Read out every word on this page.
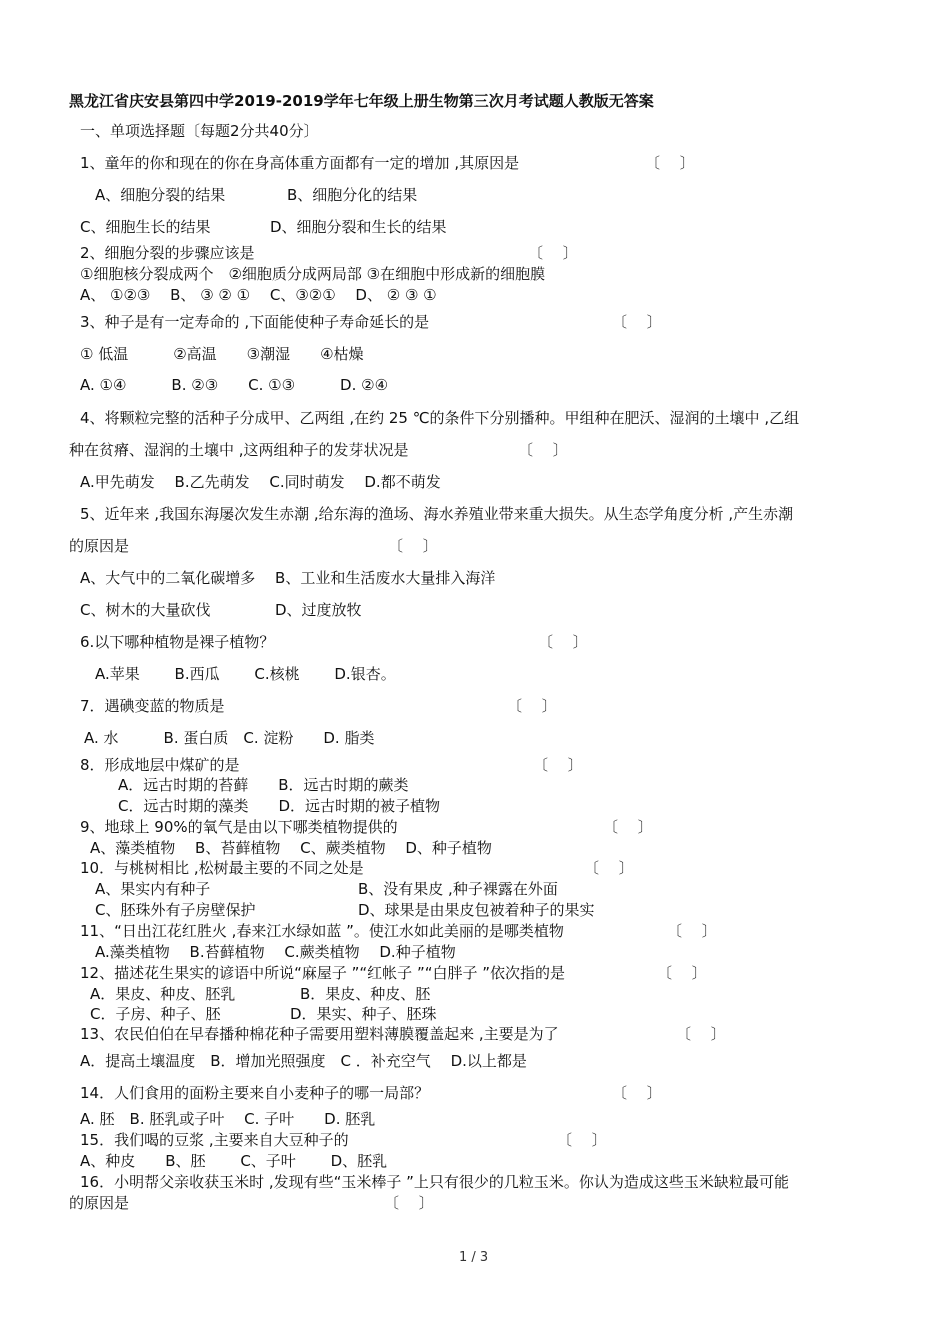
黑龙江省庆安县第四中学2019-2019学年七年级上册生物第三次月考试题人教版无答案
一、单项选择题〔每题2分共40分〕
1、童年的你和现在的你在身高体重方面都有一定的增加 ,其原因是	〔　 〕
A、细胞分裂的结果	B、细胞分化的结果
C、细胞生长的结果	D、细胞分裂和生长的结果
2、细胞分裂的步骤应该是	〔　 〕
①细胞核分裂成两个　②细胞质分成两局部 ③在细胞中形成新的细胞膜
A、 ①②③　 B、 ③ ② ①　 C、③②①　 D、 ② ③ ①
3、种子是有一定寿命的 ,下面能使种子寿命延长的是	〔　 〕
① 低温　　　②高温　　③潮湿　　④枯燥
A. ①④　　　B. ②③　　C. ①③　　　D. ②④
4、将颗粒完整的活种子分成甲、乙两组 ,在约 25 ℃的条件下分别播种。甲组种在肥沃、湿润的土壤中 ,乙组
种在贫瘠、湿润的土壤中 ,这两组种子的发芽状况是	〔　 〕
A.甲先萌发　 B.乙先萌发　 C.同时萌发　 D.都不萌发
5、近年来 ,我国东海屡次发生赤潮 ,给东海的渔场、海水养殖业带来重大损失。从生态学角度分析 ,产生赤潮
的原因是	〔　 〕
A、大气中的二氧化碳增多　 B、工业和生活废水大量排入海洋
C、树木的大量砍伐	D、过度放牧
6.以下哪种植物是裸子植物？	〔　 〕
A.苹果　　 B.西瓜　　 C.核桃　　 D.银杏。
7．遇碘变蓝的物质是	〔　 〕
A. 水　　　B. 蛋白质　C. 淀粉　　D. 脂类
8．形成地层中煤矿的是	〔　 〕
A．远古时期的苔藓　　B．远古时期的蕨类
C．远古时期的藻类　　D．远古时期的被子植物
9、地球上 90%的氧气是由以下哪类植物提供的	〔　 〕
A、藻类植物　 B、苔藓植物　 C、蕨类植物　 D、种子植物
10．与桃树相比 ,松树最主要的不同之处是	〔　 〕
A、果实内有种子	B、没有果皮 ,种子裸露在外面
C、胚珠外有子房壁保护	D、球果是由果皮包被着种子的果实
11、“日出江花红胜火 ,春来江水绿如蓝 ”。使江水如此美丽的是哪类植物	〔　 〕
A.藻类植物　 B.苔藓植物　 C.蕨类植物　 D.种子植物
12、描述花生果实的谚语中所说“麻屋子 ”“红帐子 ”“白胖子 ”依次指的是	〔　 〕
A．果皮、种皮、胚乳	B．果皮、种皮、胚
C．子房、种子、胚	D．果实、种子、胚珠
13、农民伯伯在早春播种棉花种子需要用塑料薄膜覆盖起来 ,主要是为了	〔　 〕
A．提高土壤温度　B．增加光照强度　C ．补充空气　 D.以上都是
14．人们食用的面粉主要来自小麦种子的哪一局部？	〔　 〕
A. 胚　B. 胚乳或子叶　 C. 子叶　　D. 胚乳
15．我们喝的豆浆 ,主要来自大豆种子的	〔　 〕
A、种皮　　B、胚　　 C、子叶　　 D、胚乳
16．小明帮父亲收获玉米时 ,发现有些“玉米棒子 ”上只有很少的几粒玉米。你认为造成这些玉米缺粒最可能
的原因是	〔　 〕
1 / 3
